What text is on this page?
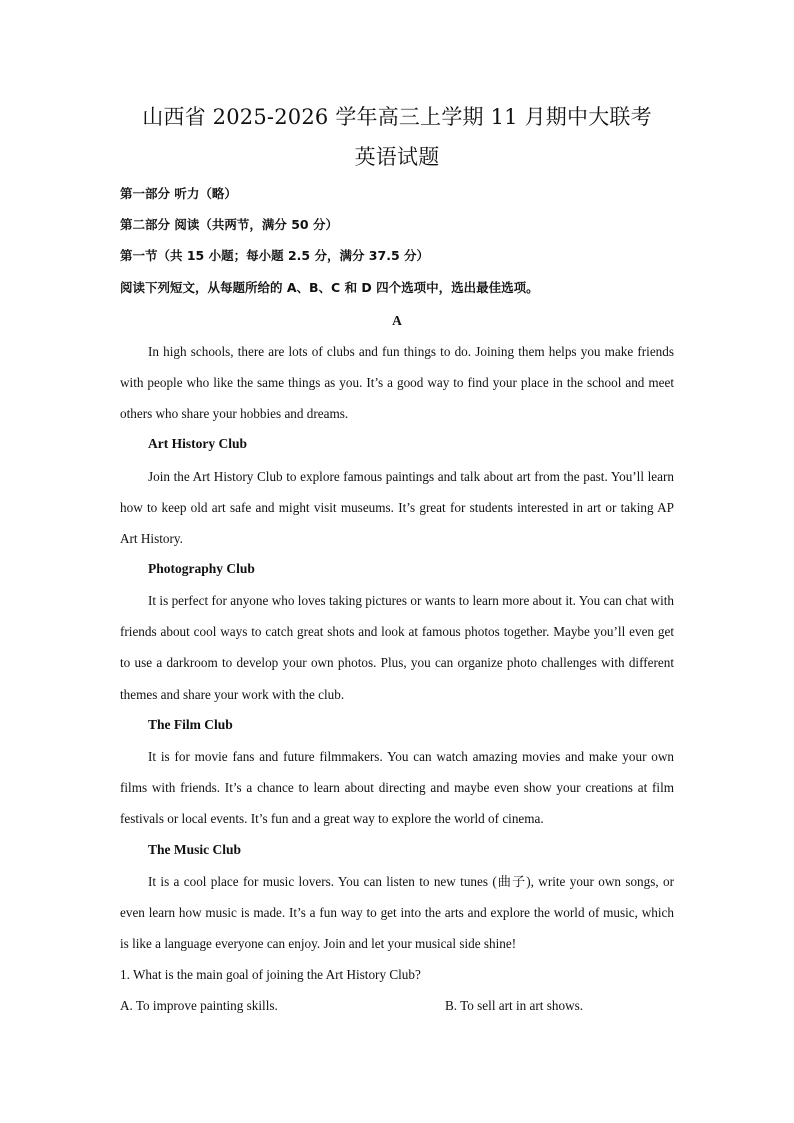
山西省 2025-2026 学年高三上学期 11 月期中大联考
英语试题
第一部分 听力（略）
第二部分 阅读（共两节，满分 50 分）
第一节（共 15 小题；每小题 2.5 分，满分 37.5 分）
阅读下列短文，从每题所给的 A、B、C 和 D 四个选项中，选出最佳选项。
A

In high schools, there are lots of clubs and fun things to do. Joining them helps you make friends with people who like the same things as you. It’s a good way to find your place in the school and meet others who share your hobbies and dreams.

Art History Club

Join the Art History Club to explore famous paintings and talk about art from the past. You’ll learn how to keep old art safe and might visit museums. It’s great for students interested in art or taking AP Art History.

Photography Club

It is perfect for anyone who loves taking pictures or wants to learn more about it. You can chat with friends about cool ways to catch great shots and look at famous photos together. Maybe you’ll even get to use a darkroom to develop your own photos. Plus, you can organize photo challenges with different themes and share your work with the club.

The Film Club

It is for movie fans and future filmmakers. You can watch amazing movies and make your own films with friends. It’s a chance to learn about directing and maybe even show your creations at film festivals or local events. It’s fun and a great way to explore the world of cinema.

The Music Club

It is a cool place for music lovers. You can listen to new tunes (曲子), write your own songs, or even learn how music is made. It’s a fun way to get into the arts and explore the world of music, which is like a language everyone can enjoy. Join and let your musical side shine!

1. What is the main goal of joining the Art History Club?
A. To improve painting skills.	B. To sell art in art shows.
